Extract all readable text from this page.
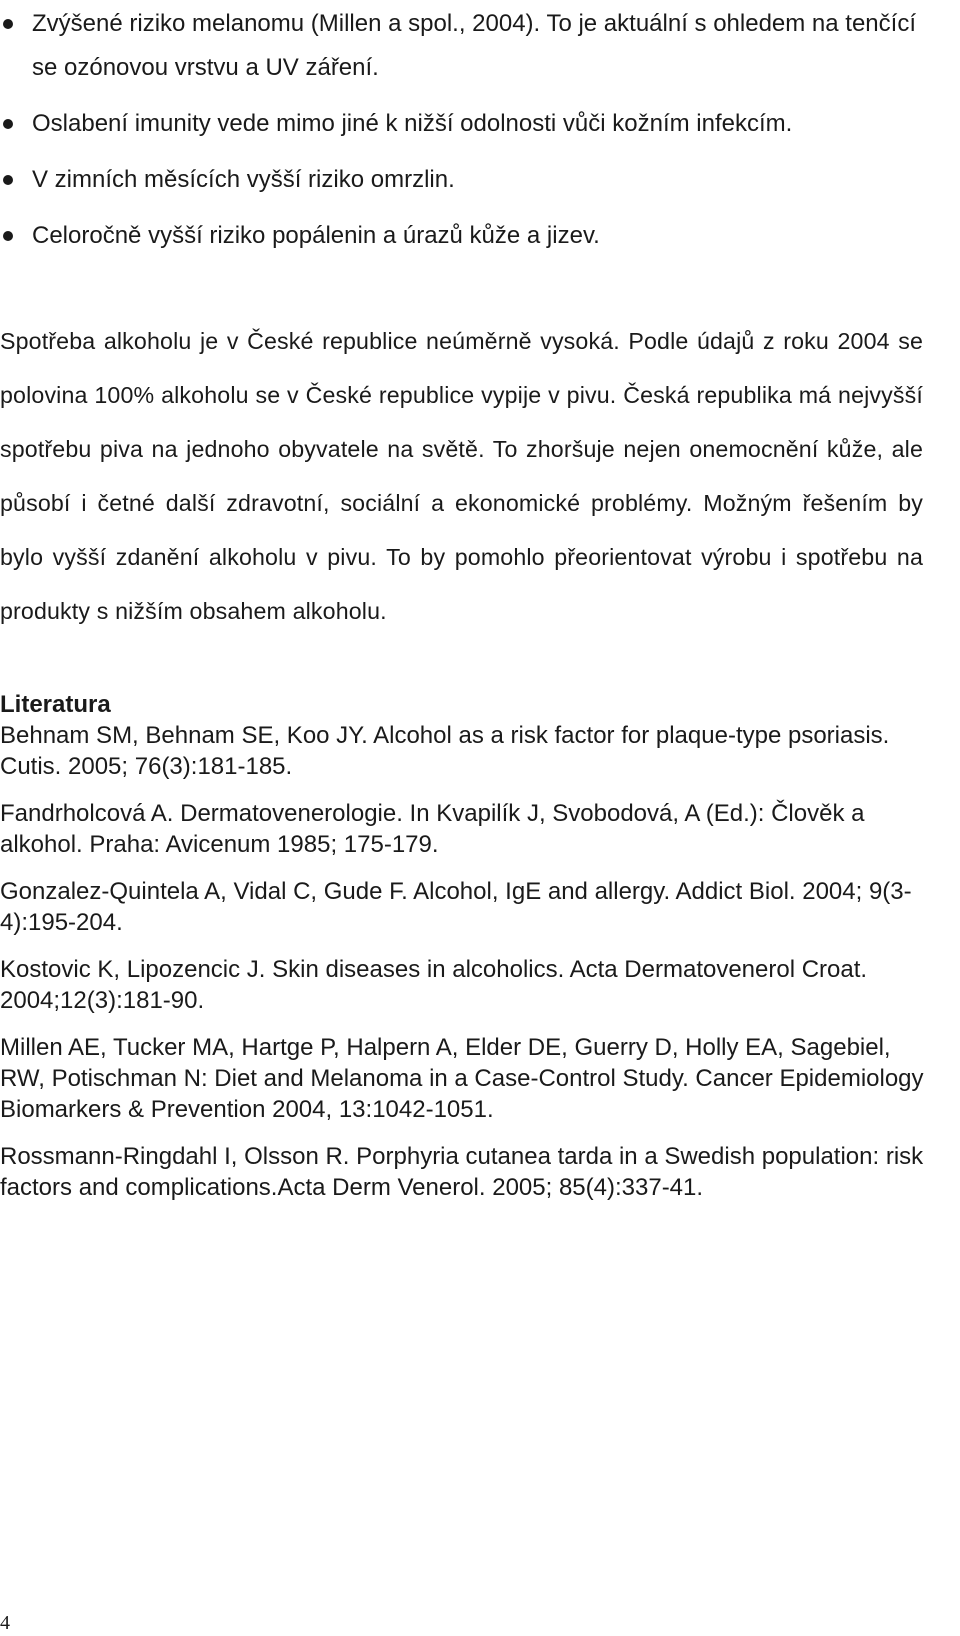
Zvýšené riziko melanomu (Millen a spol., 2004). To je aktuální s ohledem na tenčící se ozónovou vrstvu a UV záření.
Oslabení imunity vede mimo jiné k nižší odolnosti vůči kožním infekcím.
V zimních měsících vyšší riziko omrzlin.
Celoročně vyšší riziko popálenin a úrazů kůže a jizev.

Spotřeba alkoholu je v České republice neúměrně vysoká. Podle údajů z roku 2004 se polovina 100% alkoholu se v České republice vypije v pivu. Česká republika má nejvyšší spotřebu piva na jednoho obyvatele na světě. To zhoršuje nejen onemocnění kůže, ale působí i četné další zdravotní, sociální a ekonomické problémy. Možným řešením by bylo vyšší zdanění alkoholu v pivu. To by pomohlo přeorientovat výrobu i spotřebu na produkty s nižším obsahem alkoholu.

Literatura

Behnam SM, Behnam SE, Koo JY. Alcohol as a risk factor for plaque-type psoriasis. Cutis. 2005; 76(3):181-185.

Fandrholcová A. Dermatovenerologie. In Kvapilík J, Svobodová, A (Ed.): Člověk a alkohol. Praha: Avicenum 1985; 175-179.

Gonzalez-Quintela A, Vidal C, Gude F. Alcohol, IgE and allergy. Addict Biol. 2004; 9(3-4):195-204.

Kostovic K, Lipozencic J. Skin diseases in alcoholics. Acta Dermatovenerol Croat. 2004;12(3):181-90.

Millen AE, Tucker MA, Hartge P, Halpern A, Elder DE, Guerry D, Holly EA, Sagebiel, RW, Potischman N: Diet and Melanoma in a Case-Control Study. Cancer Epidemiology Biomarkers & Prevention 2004, 13:1042-1051.

Rossmann-Ringdahl I, Olsson R. Porphyria cutanea tarda in a Swedish population: risk factors and complications.Acta Derm Venerol. 2005; 85(4):337-41.

4
